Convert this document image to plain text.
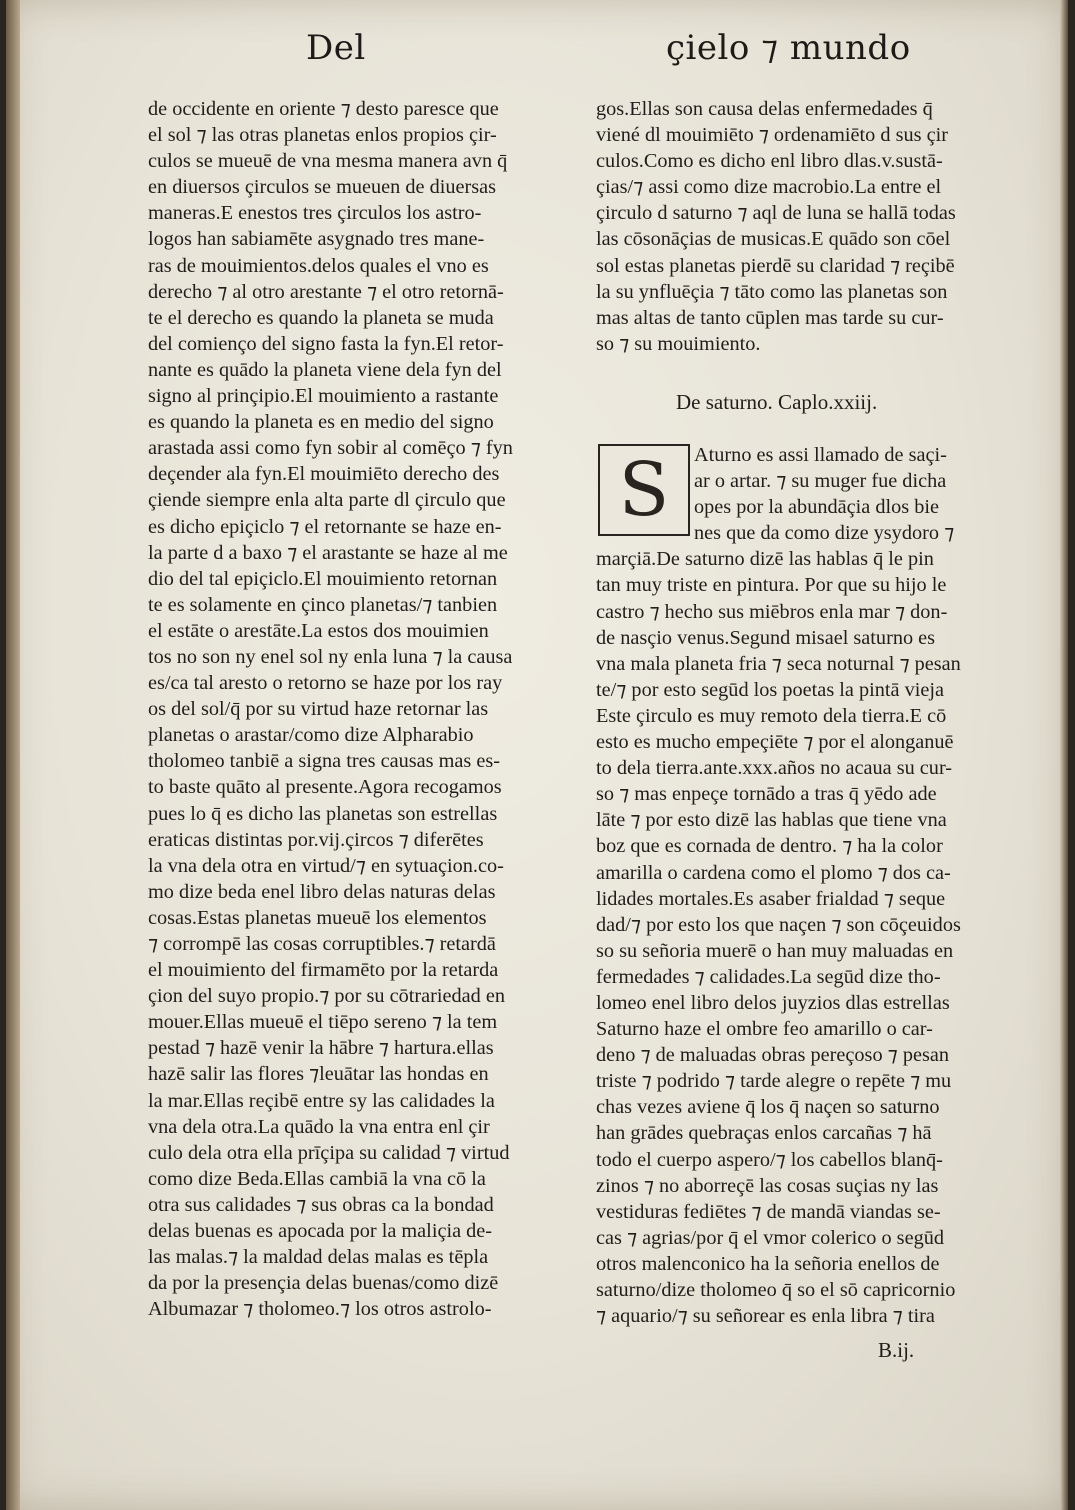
Del	çielo ⁊ mundo
de occidente en oriente ⁊ desto paresce que
el sol ⁊ las otras planetas enlos propios çir-
culos se mueuē de vna mesma manera avn q̄
en diuersos çirculos se mueuen de diuersas
maneras.E enestos tres çirculos los astro-
logos han sabiamēte asygnado tres mane-
ras de mouimientos.delos quales el vno es
derecho ⁊ al otro arestante ⁊ el otro retornā-
te el derecho es quando la planeta se muda
del comienço del signo fasta la fyn.El retor-
nante es quādo la planeta viene dela fyn del
signo al prinçipio.El mouimiento a rastante
es quando la planeta es en medio del signo
arastada assi como fyn sobir al comēço ⁊ fyn
deçender ala fyn.El mouimiēto derecho des
çiende siempre enla alta parte dl çirculo que
es dicho epiçiclo ⁊ el retornante se haze en-
la parte d a baxo ⁊ el arastante se haze al me
dio del tal epiçiclo.El mouimiento retornan
te es solamente en çinco planetas/⁊ tanbien
el estāte o arestāte.La estos dos mouimien
tos no son ny enel sol ny enla luna ⁊ la causa
es/ca tal aresto o retorno se haze por los ray
os del sol/q̄ por su virtud haze retornar las
planetas o arastar/como dize Alpharabio
tholomeo tanbiē a signa tres causas mas es-
to baste quāto al presente.Agora recogamos
pues lo q̄ es dicho las planetas son estrellas
eraticas distintas por.vij.çircos ⁊ diferētes
la vna dela otra en virtud/⁊ en sytuaçion.co-
mo dize beda enel libro delas naturas delas
cosas.Estas planetas mueuē los elementos
⁊ corrompē las cosas corruptibles.⁊ retardā
el mouimiento del firmamēto por la retarda
çion del suyo propio.⁊ por su cōtrariedad en
mouer.Ellas mueuē el tiēpo sereno ⁊ la tem
pestad ⁊ hazē venir la hābre ⁊ hartura.ellas
hazē salir las flores ⁊leuātar las hondas en
la mar.Ellas reçibē entre sy las calidades la
vna dela otra.La quādo la vna entra enl çir
culo dela otra ella prīçipa su calidad ⁊ virtud
como dize Beda.Ellas cambiā la vna cō la
otra sus calidades ⁊ sus obras ca la bondad
delas buenas es apocada por la maliçia de-
las malas.⁊ la maldad delas malas es tēpla
da por la presençia delas buenas/como dizē
Albumazar ⁊ tholomeo.⁊ los otros astrolo-
gos.Ellas son causa delas enfermedades q̄
viené dl mouimiēto ⁊ ordenamiēto d sus çir
culos.Como es dicho enl libro dlas.v.sustā-
çias/⁊ assi como dize macrobio.La entre el
çirculo d saturno ⁊ aql de luna se hallā todas
las cōsonāçias de musicas.E quādo son cōel
sol estas planetas pierdē su claridad ⁊ reçibē
la su ynfluēçia ⁊ tāto como las planetas son
mas altas de tanto cūplen mas tarde su cur-
so ⁊ su mouimiento.
De saturno. Caplo.xxiij.
S	Aturno es assi llamado de saçi-
ar o artar. ⁊ su muger fue dicha
opes por la abundāçia dlos bie
nes que da como dize ysydoro ⁊
marçiā.De saturno dizē las hablas q̄ le pin
tan muy triste en pintura. Por que su hijo le
castro ⁊ hecho sus miēbros enla mar ⁊ don-
de nasçio venus.Segund misael saturno es
vna mala planeta fria ⁊ seca noturnal ⁊ pesan
te/⁊ por esto segūd los poetas la pintā vieja
Este çirculo es muy remoto dela tierra.E cō
esto es mucho empeçiēte ⁊ por el alonganuē
to dela tierra.ante.xxx.años no acaua su cur-
so ⁊ mas enpeçe tornādo a tras q̄ yēdo ade
lāte ⁊ por esto dizē las hablas que tiene vna
boz que es cornada de dentro. ⁊ ha la color
amarilla o cardena como el plomo ⁊ dos ca-
lidades mortales.Es asaber frialdad ⁊ seque
dad/⁊ por esto los que naçen ⁊ son cōçeuidos
so su señoria muerē o han muy maluadas en
fermedades ⁊ calidades.La segūd dize tho-
lomeo enel libro delos juyzios dlas estrellas
Saturno haze el ombre feo amarillo o car-
deno ⁊ de maluadas obras pereçoso ⁊ pesan
triste ⁊ podrido ⁊ tarde alegre o repēte ⁊ mu
chas vezes aviene q̄ los q̄ naçen so saturno
han grādes quebraças enlos carcañas ⁊ hā
todo el cuerpo aspero/⁊ los cabellos blanq̄-
zinos ⁊ no aborreçē las cosas suçias ny las
vestiduras fediētes ⁊ de mandā viandas se-
cas ⁊ agrias/por q̄ el vmor colerico o segūd
otros malenconico ha la señoria enellos de
saturno/dize tholomeo q̄ so el sō capricornio
⁊ aquario/⁊ su señorear es enla libra ⁊ tira
B.ij.
